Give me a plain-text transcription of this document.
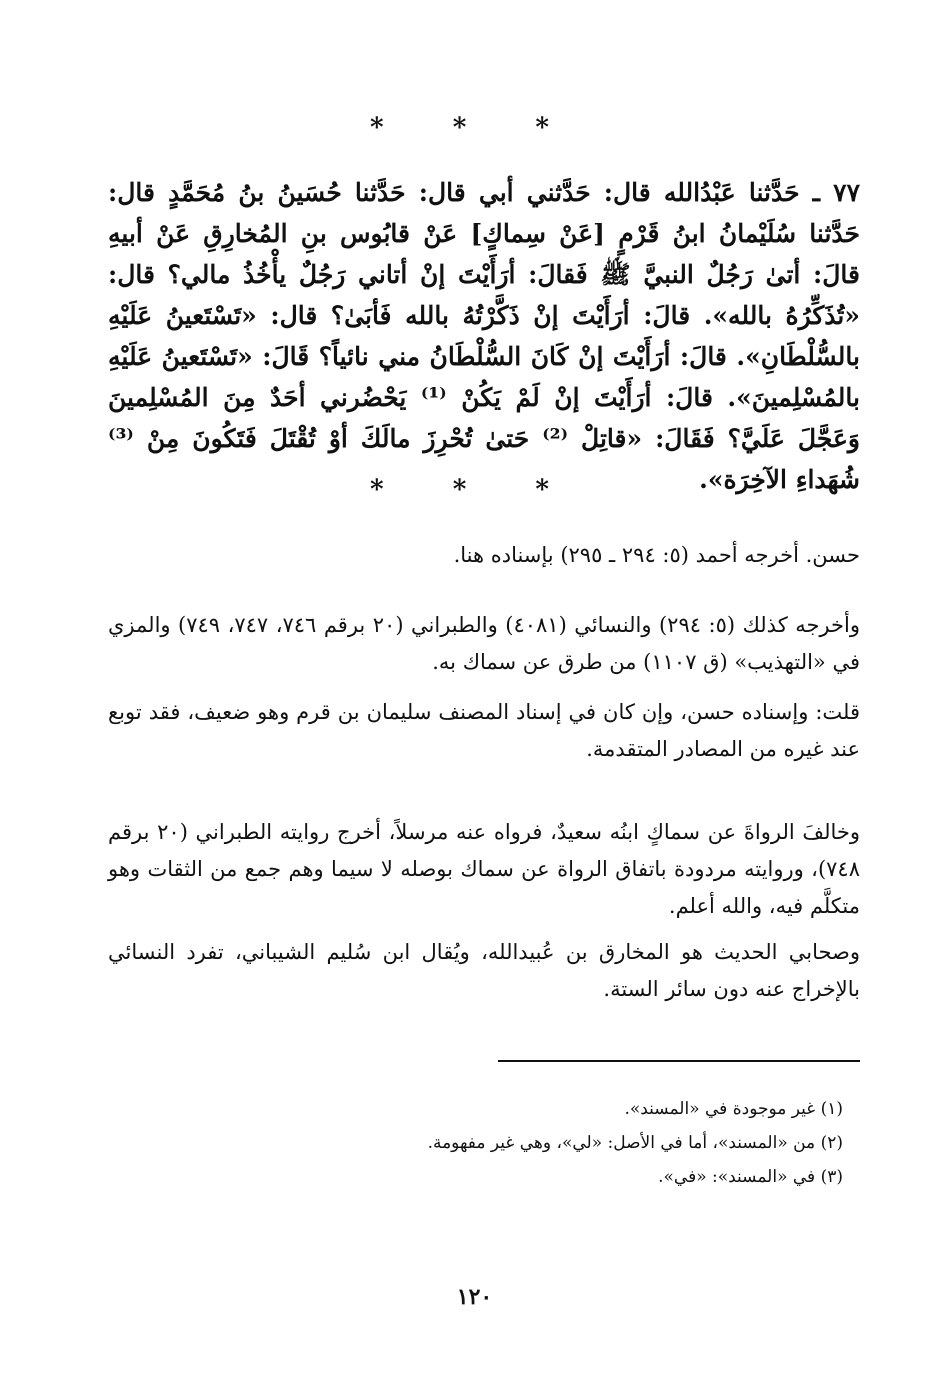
* * *
٧٧ ـ حَدَّثنا عَبْدُالله قال: حَدَّثني أبي قال: حَدَّثنا حُسَينُ بنُ مُحَمَّدٍ قال: حَدَّثنا سُلَيْمانُ ابنُ قَرْمٍ [عَنْ سِماكٍ] عَنْ قابُوس بنِ المُخارِقِ عَنْ أبيهِ قالَ: أتىٰ رَجُلٌ النبيَّ ﷺ فَقالَ: أرَأَيْتَ إنْ أتاني رَجُلٌ يأْخُذُ مالي؟ قال: «تُذَكِّرُهُ بالله». قالَ: أرَأَيْتَ إنْ ذَكَّرْتُهُ بالله فَأبَىٰ؟ قال: «تَسْتَعينُ عَلَيْهِ بالسُّلْطَانِ». قالَ: أرَأَيْتَ إنْ كَانَ السُّلْطَانُ مني نائياً؟ قَالَ: «تَسْتَعينُ عَلَيْهِ بالمُسْلِمينَ». قالَ: أرَأَيْتَ إنْ لَمْ يَكُنْ ⁽¹⁾ يَحْضُرني أحَدٌ مِنَ المُسْلِمينَ وَعَجَّلَ عَلَيَّ؟ فَقَالَ: «قاتِلْ ⁽²⁾ حَتىٰ تُحْرِزَ مالَكَ أوْ تُقْتَلَ فَتَكُونَ مِنْ ⁽³⁾ شُهَداءِ الآخِرَة».
* * *
حسن. أخرجه أحمد (٥: ٢٩٤ ـ ٢٩٥) بإسناده هنا.
وأخرجه كذلك (٥: ٢٩٤) والنسائي (٤٠٨١) والطبراني (٢٠ برقم ٧٤٦، ٧٤٧، ٧٤٩) والمزي في «التهذيب» (ق ١١٠٧) من طرق عن سماك به.
قلت: وإسناده حسن، وإن كان في إسناد المصنف سليمان بن قرم وهو ضعيف، فقد توبع عند غيره من المصادر المتقدمة.
وخالفَ الرواةَ عن سماكٍ ابنُه سعيدٌ، فرواه عنه مرسلاً، أخرج روايته الطبراني (٢٠ برقم ٧٤٨)، وروايته مردودة باتفاق الرواة عن سماك بوصله لا سيما وهم جمع من الثقات وهو متكلَّم فيه، والله أعلم.
وصحابي الحديث هو المخارق بن عُبيدالله، ويُقال ابن سُليم الشيباني، تفرد النسائي بالإخراج عنه دون سائر الستة.
(١) غير موجودة في «المسند».
(٢) من «المسند»، أما في الأصل: «لي»، وهي غير مفهومة.
(٣) في «المسند»: «في».
١٢٠
